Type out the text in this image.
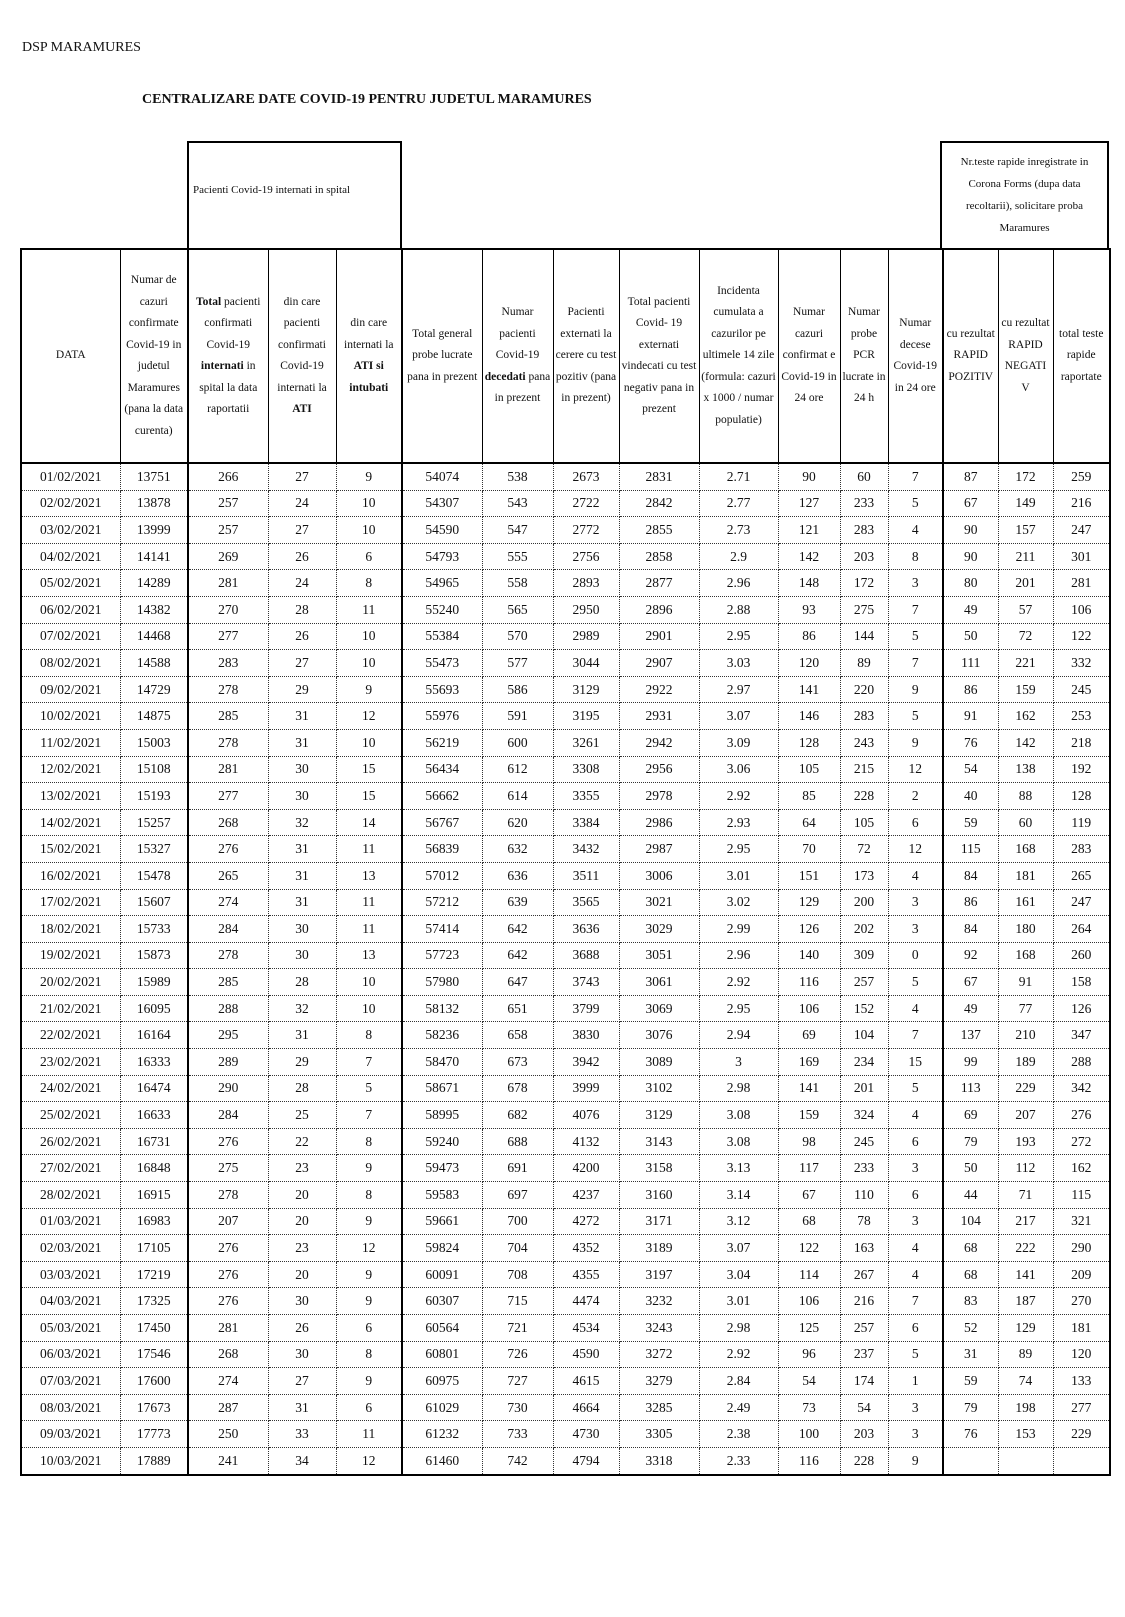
DSP MARAMURES
CENTRALIZARE DATE COVID-19 PENTRU JUDETUL MARAMURES
Pacienti Covid-19 internati in spital
Nr.teste rapide inregistrate in Corona Forms (dupa data recoltarii), solicitare proba Maramures
DATA	Numar de cazuri confirmate Covid-19 in judetul Maramures (pana la data curenta)	Total pacienti confirmati Covid-19 internati in spital la data raportatii	din care pacienti confirmati Covid-19 internati la ATI	din care internati la ATI si intubati	Total general probe lucrate pana in prezent	Numar pacienti Covid-19 decedati pana in prezent	Pacienti externati la cerere cu test pozitiv (pana in prezent)	Total pacienti Covid- 19 externati vindecati cu test negativ pana in prezent	Incidenta cumulata a cazurilor pe ultimele 14 zile (formula: cazuri x 1000 / numar populatie)	Numar cazuri confirmat e Covid-19 in 24 ore	Numar probe PCR lucrate in 24 h	Numar decese Covid-19 in 24 ore	cu rezultat RAPID POZITIV	cu rezultat RAPID NEGATI V	total teste rapide raportate
01/02/2021	13751	266	27	9	54074	538	2673	2831	2.71	90	60	7	87	172	259
02/02/2021	13878	257	24	10	54307	543	2722	2842	2.77	127	233	5	67	149	216
03/02/2021	13999	257	27	10	54590	547	2772	2855	2.73	121	283	4	90	157	247
04/02/2021	14141	269	26	6	54793	555	2756	2858	2.9	142	203	8	90	211	301
05/02/2021	14289	281	24	8	54965	558	2893	2877	2.96	148	172	3	80	201	281
06/02/2021	14382	270	28	11	55240	565	2950	2896	2.88	93	275	7	49	57	106
07/02/2021	14468	277	26	10	55384	570	2989	2901	2.95	86	144	5	50	72	122
08/02/2021	14588	283	27	10	55473	577	3044	2907	3.03	120	89	7	111	221	332
09/02/2021	14729	278	29	9	55693	586	3129	2922	2.97	141	220	9	86	159	245
10/02/2021	14875	285	31	12	55976	591	3195	2931	3.07	146	283	5	91	162	253
11/02/2021	15003	278	31	10	56219	600	3261	2942	3.09	128	243	9	76	142	218
12/02/2021	15108	281	30	15	56434	612	3308	2956	3.06	105	215	12	54	138	192
13/02/2021	15193	277	30	15	56662	614	3355	2978	2.92	85	228	2	40	88	128
14/02/2021	15257	268	32	14	56767	620	3384	2986	2.93	64	105	6	59	60	119
15/02/2021	15327	276	31	11	56839	632	3432	2987	2.95	70	72	12	115	168	283
16/02/2021	15478	265	31	13	57012	636	3511	3006	3.01	151	173	4	84	181	265
17/02/2021	15607	274	31	11	57212	639	3565	3021	3.02	129	200	3	86	161	247
18/02/2021	15733	284	30	11	57414	642	3636	3029	2.99	126	202	3	84	180	264
19/02/2021	15873	278	30	13	57723	642	3688	3051	2.96	140	309	0	92	168	260
20/02/2021	15989	285	28	10	57980	647	3743	3061	2.92	116	257	5	67	91	158
21/02/2021	16095	288	32	10	58132	651	3799	3069	2.95	106	152	4	49	77	126
22/02/2021	16164	295	31	8	58236	658	3830	3076	2.94	69	104	7	137	210	347
23/02/2021	16333	289	29	7	58470	673	3942	3089	3	169	234	15	99	189	288
24/02/2021	16474	290	28	5	58671	678	3999	3102	2.98	141	201	5	113	229	342
25/02/2021	16633	284	25	7	58995	682	4076	3129	3.08	159	324	4	69	207	276
26/02/2021	16731	276	22	8	59240	688	4132	3143	3.08	98	245	6	79	193	272
27/02/2021	16848	275	23	9	59473	691	4200	3158	3.13	117	233	3	50	112	162
28/02/2021	16915	278	20	8	59583	697	4237	3160	3.14	67	110	6	44	71	115
01/03/2021	16983	207	20	9	59661	700	4272	3171	3.12	68	78	3	104	217	321
02/03/2021	17105	276	23	12	59824	704	4352	3189	3.07	122	163	4	68	222	290
03/03/2021	17219	276	20	9	60091	708	4355	3197	3.04	114	267	4	68	141	209
04/03/2021	17325	276	30	9	60307	715	4474	3232	3.01	106	216	7	83	187	270
05/03/2021	17450	281	26	6	60564	721	4534	3243	2.98	125	257	6	52	129	181
06/03/2021	17546	268	30	8	60801	726	4590	3272	2.92	96	237	5	31	89	120
07/03/2021	17600	274	27	9	60975	727	4615	3279	2.84	54	174	1	59	74	133
08/03/2021	17673	287	31	6	61029	730	4664	3285	2.49	73	54	3	79	198	277
09/03/2021	17773	250	33	11	61232	733	4730	3305	2.38	100	203	3	76	153	229
10/03/2021	17889	241	34	12	61460	742	4794	3318	2.33	116	228	9			
